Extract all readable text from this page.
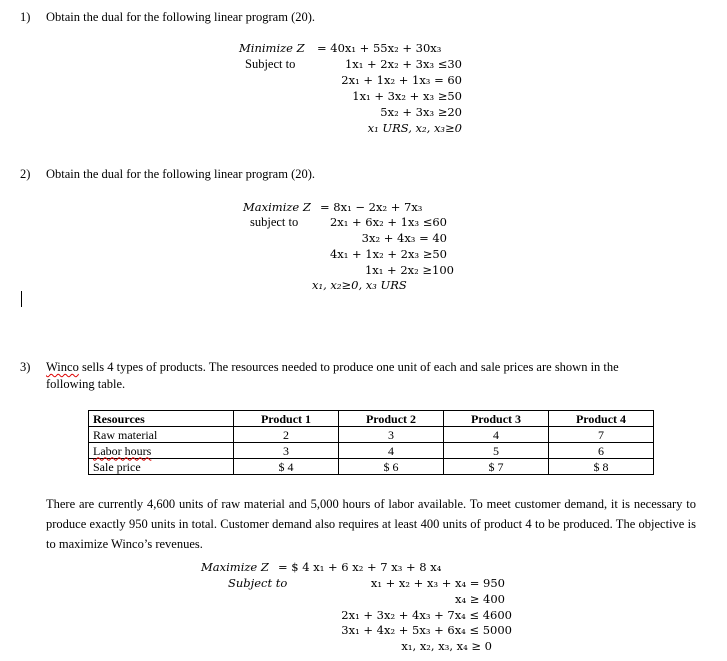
1) Obtain the dual for the following linear program (20).
Minimize Z = 40x₁ + 55x₂ + 30x₃
Subject to	1x₁ + 2x₂ + 3x₃ ≤30
2x₁ + 1x₂ + 1x₃ = 60
1x₁ + 3x₂ + x₃ ≥50
5x₂ + 3x₃ ≥20
x₁ URS, x₂, x₃≥0
2) Obtain the dual for the following linear program (20).
Maximize Z = 8x₁ − 2x₂ + 7x₃
subject to	2x₁ + 6x₂ + 1x₃ ≤60
3x₂ + 4x₃ = 40
4x₁ + 1x₂ + 2x₃ ≥50
1x₁ + 2x₂ ≥100
x₁, x₂≥0, x₃ URS
3) Winco sells 4 types of products. The resources needed to produce one unit of each and sale prices are shown in the
following table.
Resources	Product 1	Product 2	Product 3	Product 4
Raw material	2	3	4	7
Labor hours	3	4	5	6
Sale price	$ 4	$ 6	$ 7	$ 8
There are currently 4,600 units of raw material and 5,000 hours of labor available. To meet customer demand, it is necessary to produce exactly 950 units in total. Customer demand also requires at least 400 units of product 4 to be produced. The objective is to maximize Winco’s revenues.
Maximize Z = $ 4 x₁ + 6 x₂ + 7 x₃ + 8 x₄
Subject to	x₁ + x₂ + x₃ + x₄ = 950
x₄ ≥ 400
2x₁ + 3x₂ + 4x₃ + 7x₄ ≤ 4600
3x₁ + 4x₂ + 5x₃ + 6x₄ ≤ 5000
x₁, x₂, x₃, x₄ ≥ 0
